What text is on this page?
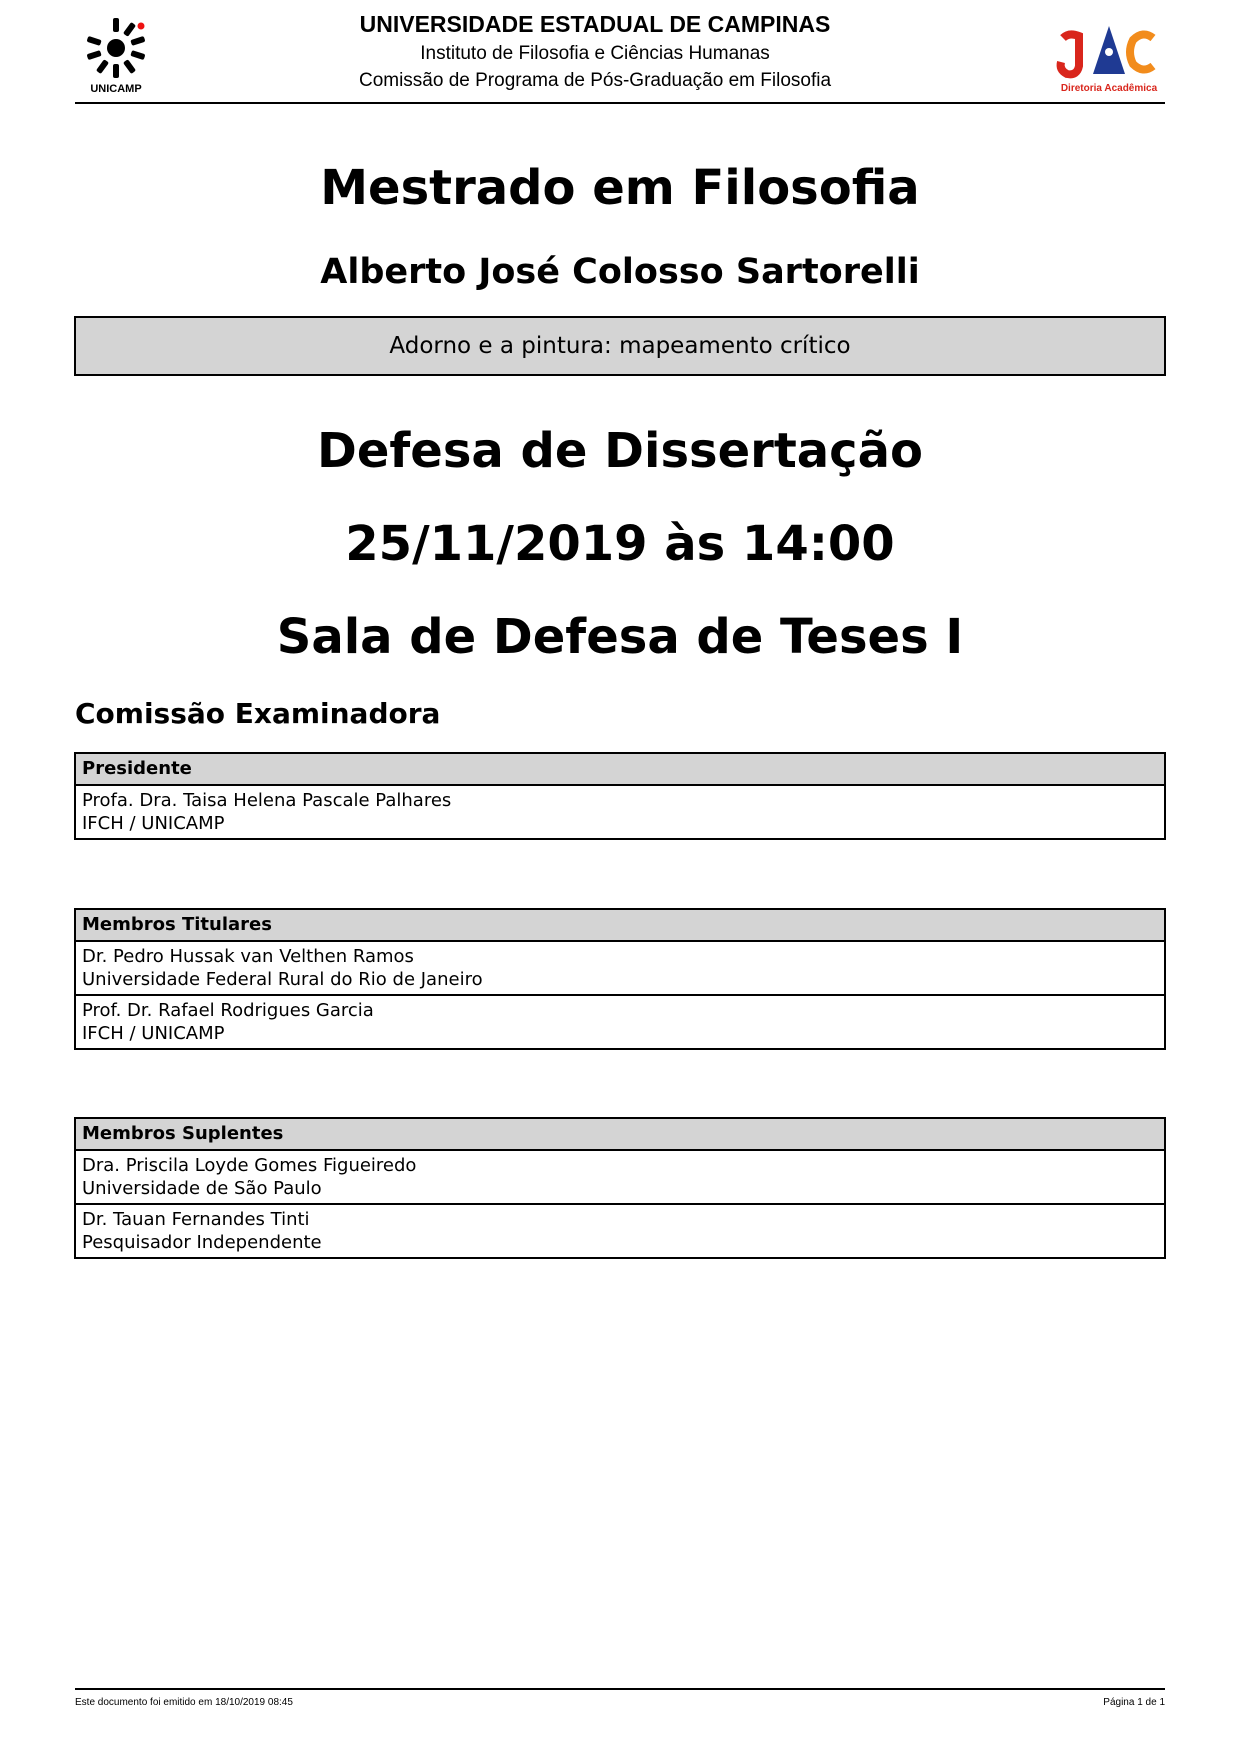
UNICAMP
UNIVERSIDADE ESTADUAL DE CAMPINAS
Instituto de Filosofia e Ciências Humanas
Comissão de Programa de Pós-Graduação em Filosofia	Diretoria Acadêmica
Mestrado em Filosofia
Alberto José Colosso Sartorelli
Adorno e a pintura: mapeamento crítico
Defesa de Dissertação
25/11/2019 às 14:00
Sala de Defesa de Teses I
Comissão Examinadora
Presidente
Profa. Dra. Taisa Helena Pascale Palhares
IFCH / UNICAMP
Membros Titulares
Dr. Pedro Hussak van Velthen Ramos
Universidade Federal Rural do Rio de Janeiro
Prof. Dr. Rafael Rodrigues Garcia
IFCH / UNICAMP
Membros Suplentes
Dra. Priscila Loyde Gomes Figueiredo
Universidade de São Paulo
Dr. Tauan Fernandes Tinti
Pesquisador Independente
Este documento foi emitido em 18/10/2019 08:45	Página 1 de 1
